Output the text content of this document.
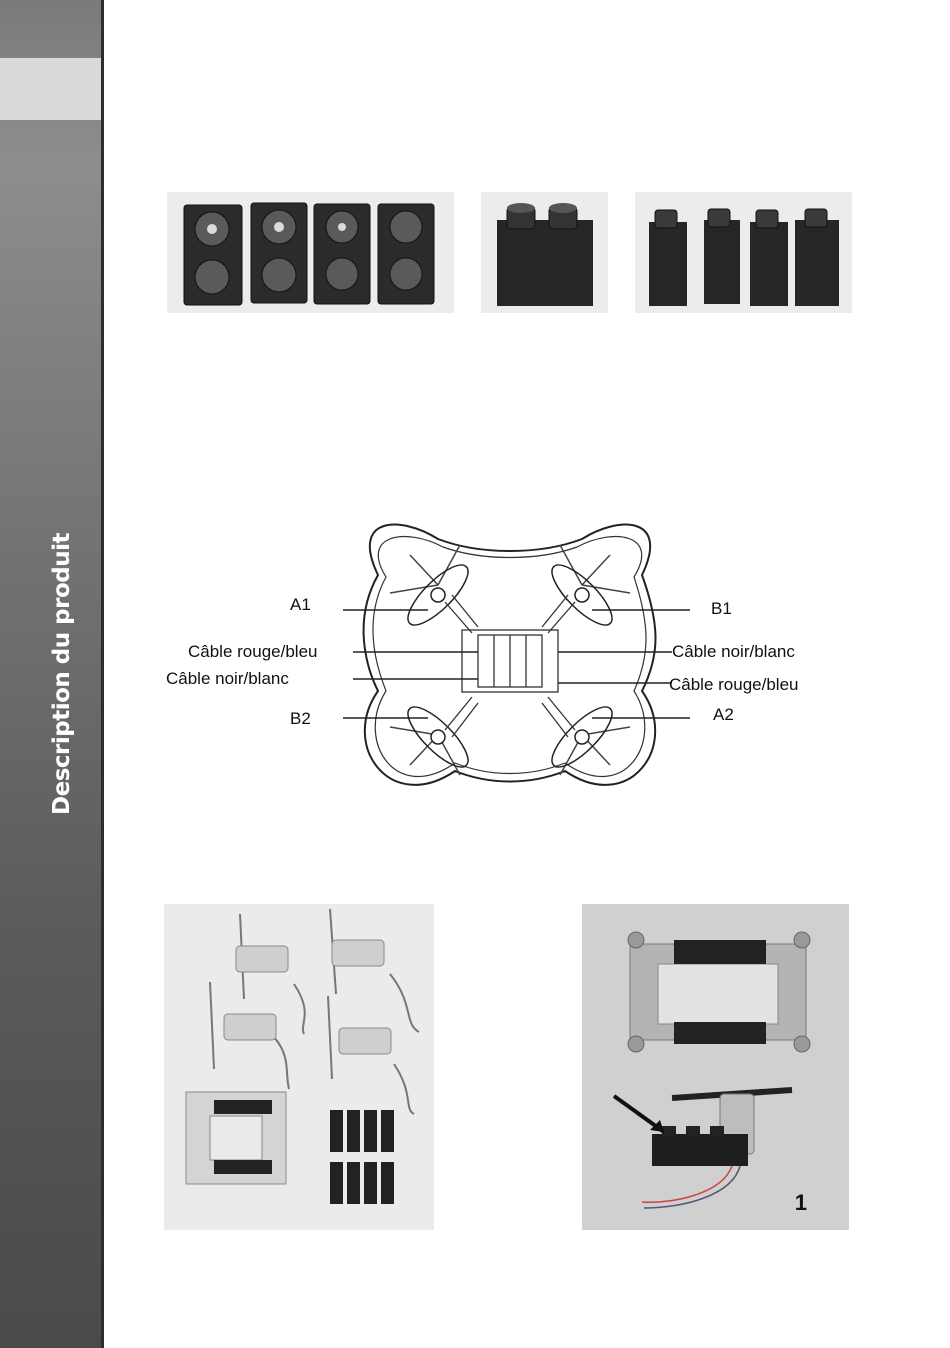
Description du produit	A1	B1
Câble rouge/bleu
Câble noir/blanc
Câble noir/blanc
Câble rouge/bleu
B2	A2
1
